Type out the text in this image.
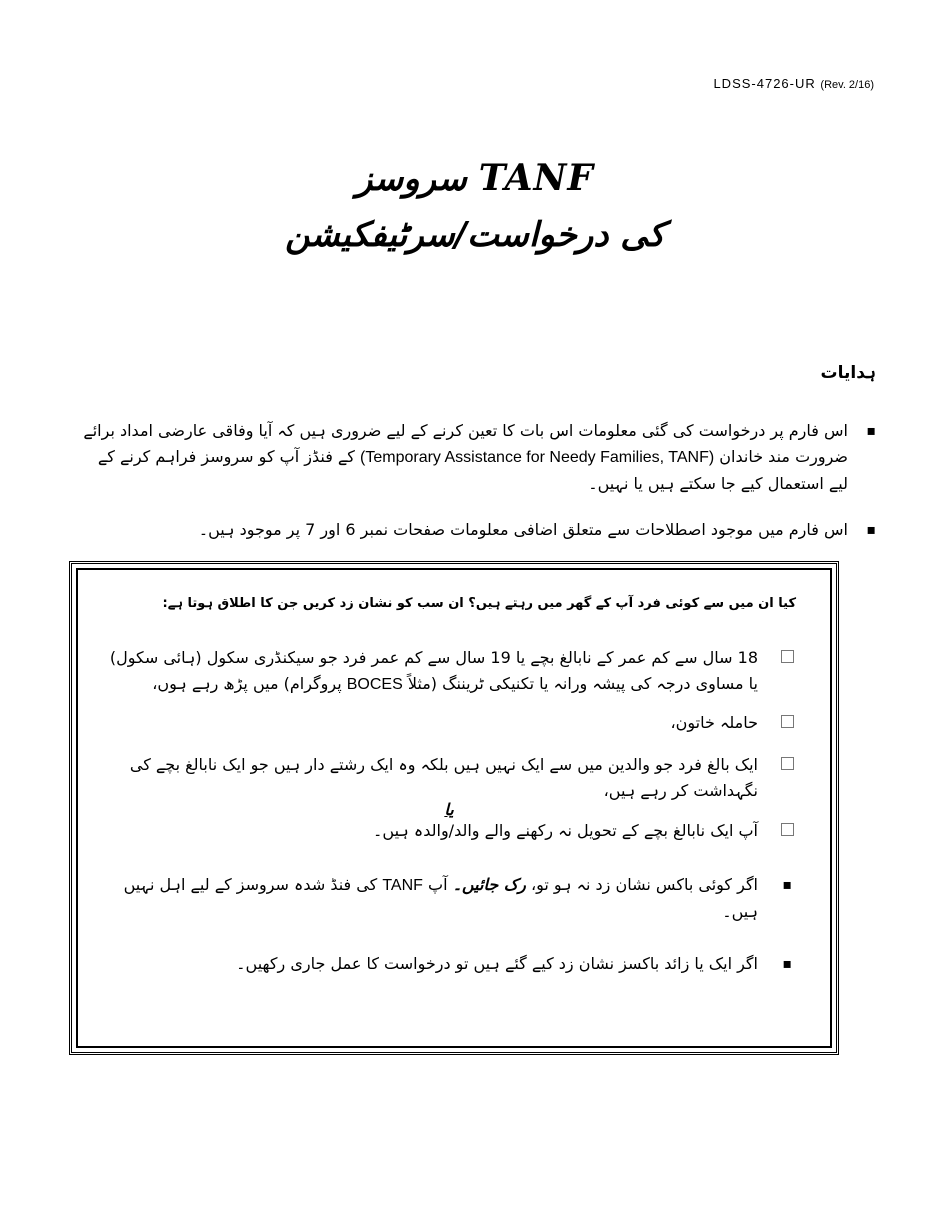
LDSS-4726-UR (Rev. 2/16)
TANF سروسز
کی درخواست/سرٹیفکیشن
ہدایات
▪ اس فارم پر درخواست کی گئی معلومات اس بات کا تعین کرنے کے لیے ضروری ہیں کہ آیا وفاقی عارضی امداد برائے ضرورت مند خاندان (Temporary Assistance for Needy Families, TANF) کے فنڈز آپ کو سروسز فراہم کرنے کے لیے استعمال کیے جا سکتے ہیں یا نہیں۔
▪ اس فارم میں موجود اصطلاحات سے متعلق اضافی معلومات صفحات نمبر 6 اور 7 پر موجود ہیں۔
کیا ان میں سے کوئی فرد آپ کے گھر میں رہتے ہیں؟ ان سب کو نشان زد کریں جن کا اطلاق ہوتا ہے:
18 سال سے کم عمر کے نابالغ بچے یا 19 سال سے کم عمر فرد جو سیکنڈری سکول (ہائی سکول) یا مساوی درجہ کی پیشہ ورانہ یا تکنیکی ٹریننگ (مثلاً BOCES پروگرام) میں پڑھ رہے ہوں،
حاملہ خاتون،
ایک بالغ فرد جو والدین میں سے ایک نہیں ہیں بلکہ وہ ایک رشتے دار ہیں جو ایک نابالغ بچے کی نگہداشت کر رہے ہیں،
یا
آپ ایک نابالغ بچے کے تحویل نہ رکھنے والے والد/والدہ ہیں۔
▪ اگر کوئی باکس نشان زد نہ ہو تو، رک جائیں۔ آپ TANF کی فنڈ شدہ سروسز کے لیے اہل نہیں ہیں۔
▪ اگر ایک یا زائد باکسز نشان زد کیے گئے ہیں تو درخواست کا عمل جاری رکھیں۔
